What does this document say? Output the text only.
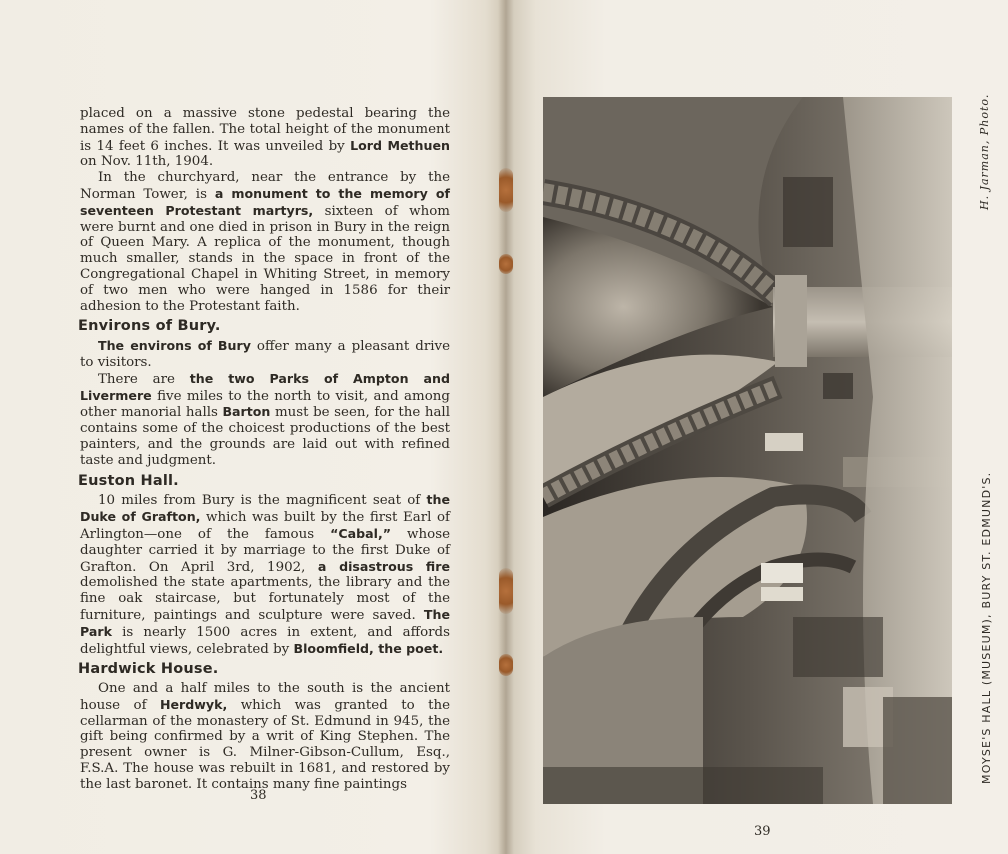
placed on a massive stone pedestal bearing the names of the fallen. The total height of the monument is 14 feet 6 inches. It was unveiled by Lord Methuen on Nov. 11th, 1904.

In the churchyard, near the entrance by the Norman Tower, is a monument to the memory of seventeen Protestant martyrs, sixteen of whom were burnt and one died in prison in Bury in the reign of Queen Mary. A replica of the monument, though much smaller, stands in the space in front of the Congregational Chapel in Whiting Street, in memory of two men who were hanged in 1586 for their adhesion to the Protestant faith.

Environs of Bury.

The environs of Bury offer many a pleasant drive to visitors.

There are the two Parks of Ampton and Livermere five miles to the north to visit, and among other manorial halls Barton must be seen, for the hall contains some of the choicest productions of the best painters, and the grounds are laid out with refined taste and judgment.

Euston Hall.

10 miles from Bury is the magnificent seat of the Duke of Grafton, which was built by the first Earl of Arlington—one of the famous “Cabal,” whose daughter carried it by marriage to the first Duke of Grafton. On April 3rd, 1902, a disastrous fire demolished the state apartments, the library and the fine oak staircase, but fortunately most of the furniture, paintings and sculpture were saved. The Park is nearly 1500 acres in extent, and affords delightful views, celebrated by Bloomfield, the poet.

Hardwick House.

One and a half miles to the south is the ancient house of Herdwyk, which was granted to the cellarman of the monastery of St. Edmund in 945, the gift being confirmed by a writ of King Stephen. The present owner is G. Milner-Gibson-Cullum, Esq., F.S.A. The house was rebuilt in 1681, and restored by the last baronet. It contains many fine paintings

38
39
H. Jarman, Photo.
MOYSE'S HALL (MUSEUM), BURY ST. EDMUND'S.
